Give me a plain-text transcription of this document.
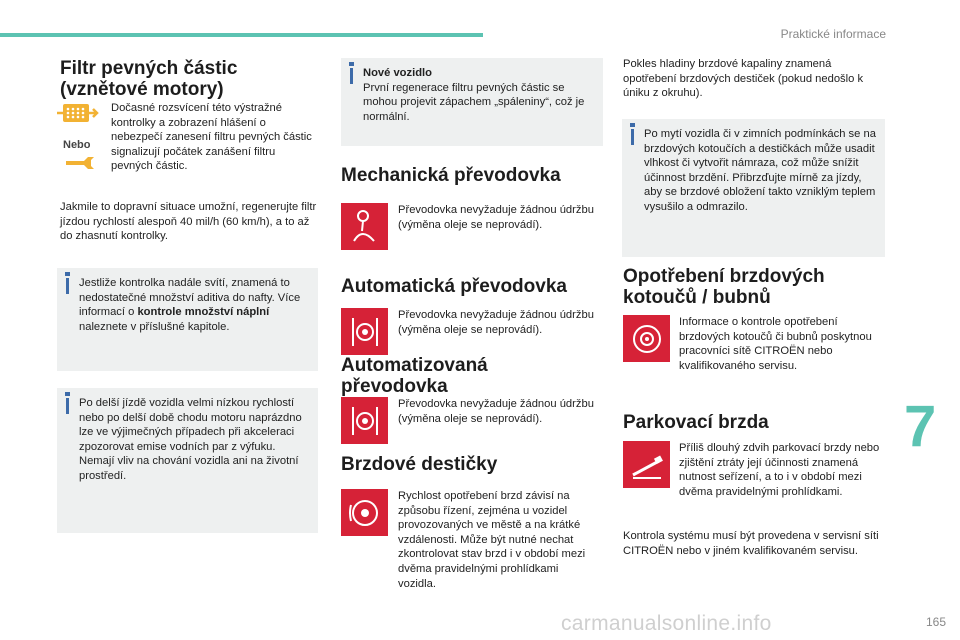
Praktické informace
Filtr pevných částic (vznětové motory)
Nebo
Dočasné rozsvícení této výstražné kontrolky a zobrazení hlášení o nebezpečí zanesení filtru pevných částic signalizují počátek zanášení filtru pevných částic.
Jakmile to dopravní situace umožní, regenerujte filtr jízdou rychlostí alespoň 40 mil/h (60 km/h), a to až do zhasnutí kontrolky.
Jestliže kontrolka nadále svítí, znamená to nedostatečné množství aditiva do nafty. Více informací o kontrole množství náplní naleznete v příslušné kapitole.
Po delší jízdě vozidla velmi nízkou rychlostí nebo po delší době chodu motoru naprázdno lze ve výjimečných případech při akceleraci zpozorovat emise vodních par z výfuku. Nemají vliv na chování vozidla ani na životní prostředí.
Nové vozidlo
První regenerace filtru pevných částic se mohou projevit zápachem „spáleniny“, což je normální.
Mechanická převodovka
Převodovka nevyžaduje žádnou údržbu (výměna oleje se neprovádí).
Automatická převodovka
Převodovka nevyžaduje žádnou údržbu (výměna oleje se neprovádí).
Automatizovaná převodovka
Převodovka nevyžaduje žádnou údržbu (výměna oleje se neprovádí).
Brzdové destičky
Rychlost opotřebení brzd závisí na způsobu řízení, zejména u vozidel provozovaných ve městě a na krátké vzdálenosti. Může být nutné nechat zkontrolovat stav brzd i v období mezi dvěma pravidelnými prohlídkami vozidla.
Pokles hladiny brzdové kapaliny znamená opotřebení brzdových destiček (pokud nedošlo k úniku z okruhu).
Po mytí vozidla či v zimních podmínkách se na brzdových kotoučích a destičkách může usadit vlhkost či vytvořit námraza, což může snížit účinnost brzdění. Přibrzďujte mírně za jízdy, aby se brzdové obložení takto vzniklým teplem vysušilo a odmrazilo.
Opotřebení brzdových kotoučů / bubnů
Informace o kontrole opotřebení brzdových kotoučů či bubnů poskytnou pracovníci sítě CITROËN nebo kvalifikovaného servisu.
Parkovací brzda
Příliš dlouhý zdvih parkovací brzdy nebo zjištění ztráty její účinnosti znamená nutnost seřízení, a to i v období mezi dvěma pravidelnými prohlídkami.
Kontrola systému musí být provedena v servisní síti CITROËN nebo v jiném kvalifikovaném servisu.
7
165
carmanualsonline.info
